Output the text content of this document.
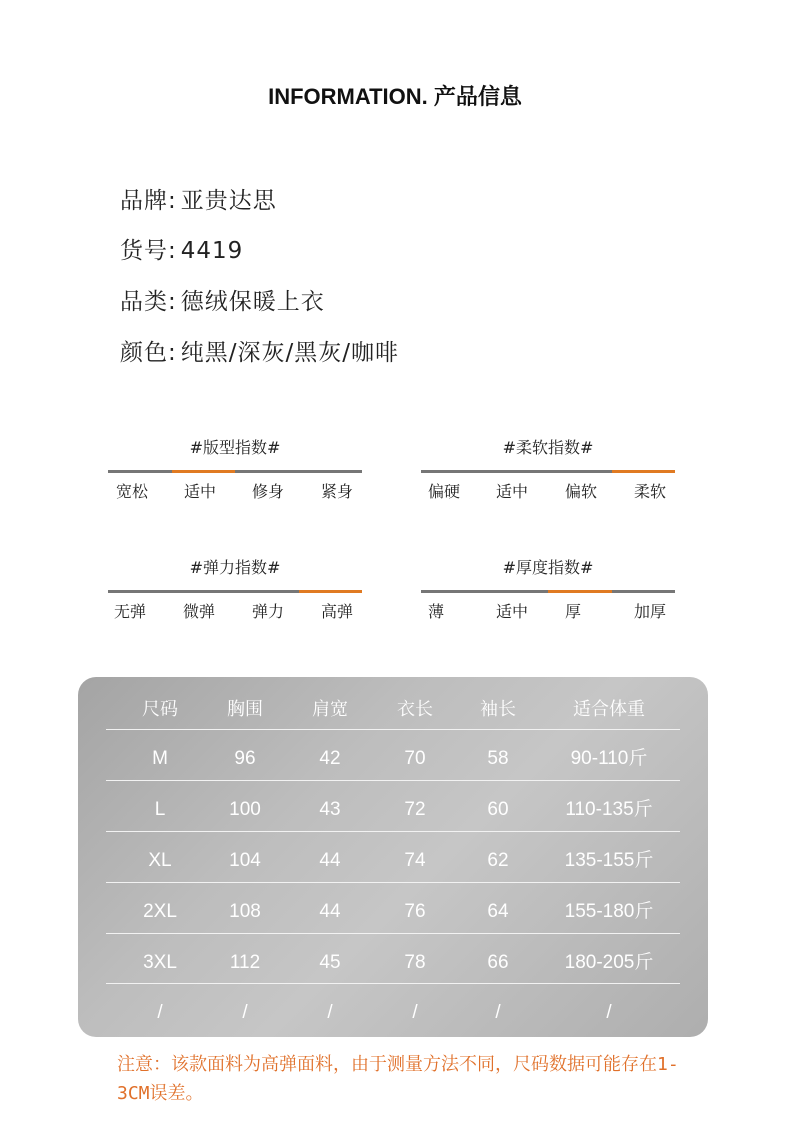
INFORMATION. 产品信息
品牌: 亚贵达思
货号: 4419
品类: 德绒保暖上衣
颜色: 纯黑/深灰/黑灰/咖啡
#版型指数#
宽松 适中 修身 紧身
#柔软指数#
偏硬 适中 偏软 柔软
#弹力指数#
无弹 微弹 弹力 高弹
#厚度指数#
薄	适中 厚	加厚
尺码	胸围	肩宽	衣长	袖长	适合体重
M	96	42	70	58	90-110斤
L	100	43	72	60	110-135斤
XL	104	44	74	62	135-155斤
2XL	108	44	76	64	155-180斤
3XL	112	45	78	66	180-205斤
/	/	/	/	/	/
注意：该款面料为高弹面料，由于测量方法不同，尺码数据可能存在1-3CM误差。
